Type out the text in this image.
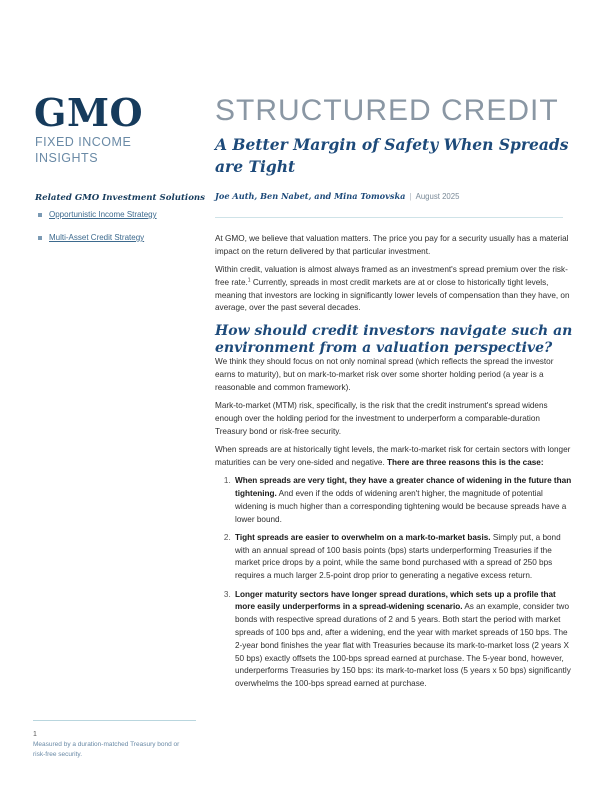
GMO
FIXED INCOME
INSIGHTS
Related GMO Investment Solutions
Opportunistic Income Strategy
Multi-Asset Credit Strategy
STRUCTURED CREDIT
A Better Margin of Safety When Spreads are Tight
Joe Auth, Ben Nabet, and Mina Tomovska | August 2025

At GMO, we believe that valuation matters. The price you pay for a security usually has a material impact on the return delivered by that particular investment.

Within credit, valuation is almost always framed as an investment's spread premium over the risk-free rate.$^1$ Currently, spreads in most credit markets are at or close to historically tight levels, meaning that investors are locking in significantly lower levels of compensation than they have, on average, over the past several decades.

How should credit investors navigate such an environment from a valuation perspective?

We think they should focus on not only nominal spread (which reflects the spread the investor earns to maturity), but on mark-to-market risk over some shorter holding period (a year is a reasonable and common framework).

Mark-to-market (MTM) risk, specifically, is the risk that the credit instrument's spread widens enough over the holding period for the investment to underperform a comparable-duration Treasury bond or risk-free security.

When spreads are at historically tight levels, the mark-to-market risk for certain sectors with longer maturities can be very one-sided and negative. There are three reasons this is the case:

1. When spreads are very tight, they have a greater chance of widening in the future than tightening. And even if the odds of widening aren't higher, the magnitude of potential widening is much higher than a corresponding tightening would be because spreads have a lower bound.
2. Tight spreads are easier to overwhelm on a mark-to-market basis. Simply put, a bond with an annual spread of 100 basis points (bps) starts underperforming Treasuries if the market price drops by a point, while the same bond purchased with a spread of 250 bps requires a much larger 2.5-point drop prior to generating a negative excess return.
3. Longer maturity sectors have longer spread durations, which sets up a profile that more easily underperforms in a spread-widening scenario. As an example, consider two bonds with respective spread durations of 2 and 5 years. Both start the period with market spreads of 100 bps and, after a widening, end the year with market spreads of 150 bps. The 2-year bond finishes the year flat with Treasuries because its mark-to-market loss (2 years X 50 bps) exactly offsets the 100-bps spread earned at purchase. The 5-year bond, however, underperforms Treasuries by 150 bps: its mark-to-market loss (5 years x 50 bps) significantly overwhelms the 100-bps spread earned at purchase.
1
Measured by a duration-matched Treasury bond or risk-free security.
